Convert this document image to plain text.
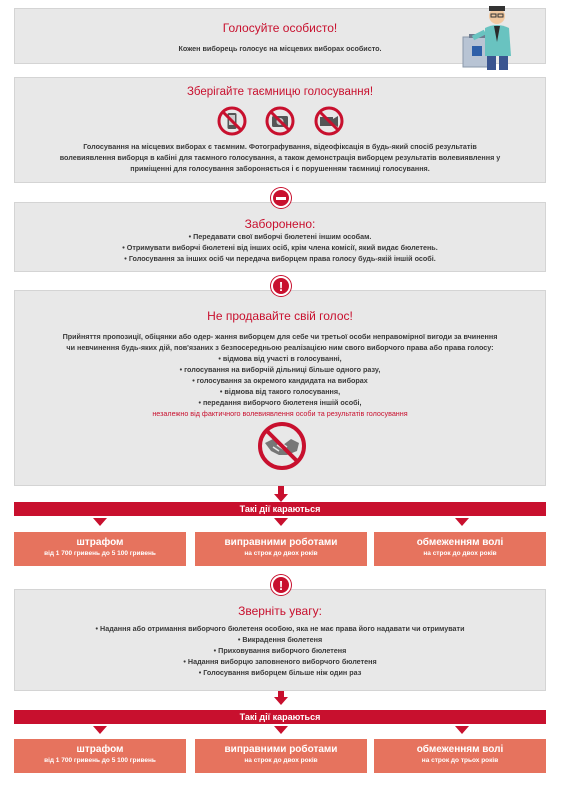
Голосуйте особисто!
Кожен виборець голосує на місцевих виборах особисто.
Зберігайте таємницю голосування!
Голосування на місцевих виборах є таємним. Фотографування, відеофіксація в будь-який спосіб результатів
волевиявлення виборця в кабіні для таємного голосування, а також демонстрація виборцем результатів волевиявлення у
приміщенні для голосування забороняється і є порушенням таємниці голосування.
Заборонено:
• Передавати свої виборчі бюлетені іншим особам.
• Отримувати виборчі бюлетені від інших осіб, крім члена комісії, який видає бюлетень.
• Голосування за інших осіб чи передача виборцем права голосу будь-якій іншій особі.
Не продавайте свій голос!
Прийняття пропозиції, обіцянки або одер- жання виборцем для себе чи третьої особи неправомірної вигоди за вчинення
чи невчинення будь-яких дій, пов'язаних з безпосередньою реалізацією ним свого виборчого права або права голосу:
• відмова від участі в голосуванні,
• голосування на виборчій дільниці більше одного разу,
• голосування за окремого кандидата на виборах
• відмова від такого голосування,
• передання виборчого бюлетеня іншій особі,
незалежно від фактичного волевиявлення особи та результатів голосування
!
Такі дії караються
штрафом
від 1 700 гривень до 5 100 гривень
виправними роботами
на строк до двох років
обмеженням волі
на строк до двох років
Зверніть увагу:
• Надання або отримання виборчого бюлетеня особою, яка не має права його надавати чи отримувати
• Викрадення бюлетеня
• Приховування виборчого бюлетеня
• Надання виборцю заповненого виборчого бюлетеня
• Голосування виборцем більше ніж один раз
!
Такі дії караються
штрафом
від 1 700 гривень до 5 100 гривень
виправними роботами
на строк до двох років
обмеженням волі
на строк до трьох років
